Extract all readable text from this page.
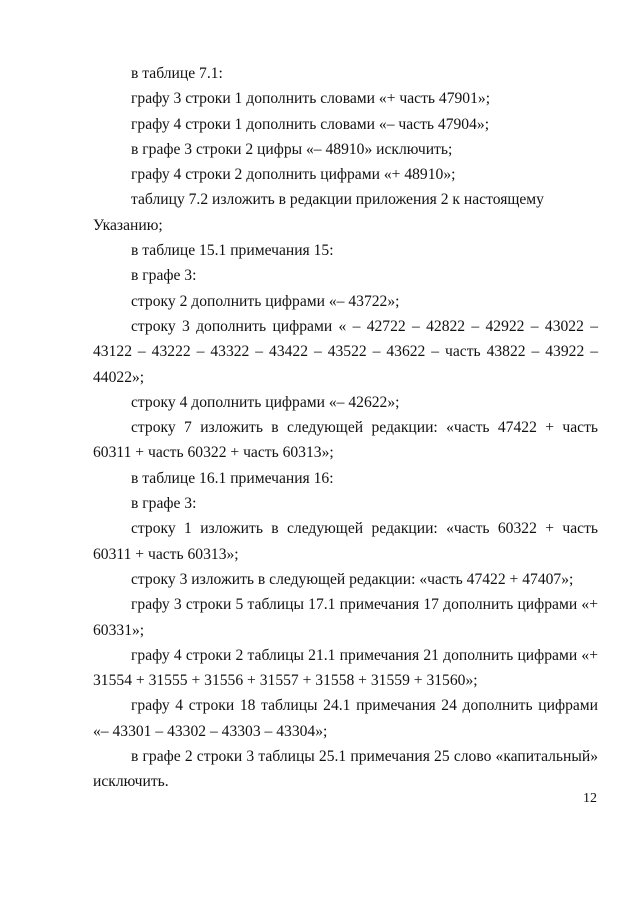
в таблице 7.1:

графу 3 строки 1 дополнить словами «+ часть 47901»;

графу 4 строки 1 дополнить словами «– часть 47904»;

в графе 3 строки 2 цифры «– 48910» исключить;

графу 4 строки 2 дополнить цифрами «+ 48910»;

таблицу 7.2 изложить в редакции приложения 2 к настоящему Указанию;

в таблице 15.1 примечания 15:

в графе 3:

строку 2 дополнить цифрами «– 43722»;

строку 3 дополнить цифрами « – 42722 – 42822 – 42922 – 43022 – 43122 – 43222 – 43322 – 43422 – 43522 – 43622 – часть 43822 – 43922 – 44022»;

строку 4 дополнить цифрами «– 42622»;

строку 7 изложить в следующей редакции: «часть 47422 + часть 60311 + часть 60322 + часть 60313»;

в таблице 16.1 примечания 16:

в графе 3:

строку 1 изложить в следующей редакции: «часть 60322 + часть 60311 + часть 60313»;

строку 3 изложить в следующей редакции: «часть 47422 + 47407»;

графу 3 строки 5 таблицы 17.1 примечания 17 дополнить цифрами «+ 60331»;

графу 4 строки 2 таблицы 21.1 примечания 21 дополнить цифрами «+ 31554 + 31555 + 31556 + 31557 + 31558 + 31559 + 31560»;

графу 4 строки 18 таблицы 24.1 примечания 24 дополнить цифрами «– 43301 – 43302 – 43303 – 43304»;

в графе 2 строки 3 таблицы 25.1 примечания 25 слово «капитальный» исключить.

12
